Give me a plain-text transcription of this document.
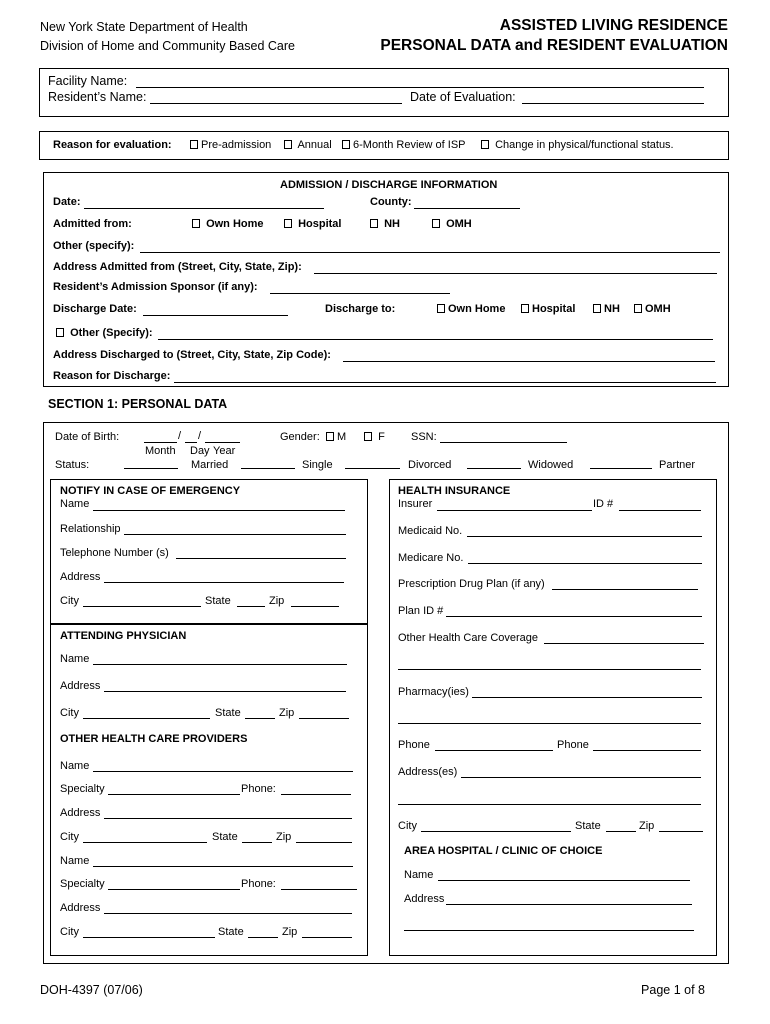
New York State Department of Health
Division of Home and Community Based Care
ASSISTED LIVING RESIDENCE
PERSONAL DATA and RESIDENT EVALUATION
Facility Name:
Resident’s Name:	Date of Evaluation:
Reason for evaluation:	Pre-admission	Annual	6-Month Review of ISP	Change in physical/functional status.
ADMISSION / DISCHARGE INFORMATION
Date:	County:
Admitted from:	Own Home	Hospital	NH	OMH
Other (specify):
Address Admitted from (Street, City, State, Zip):
Resident’s Admission Sponsor (if any):
Discharge Date:	Discharge to:	Own Home	Hospital	NH	OMH
Other (Specify):
Address Discharged to (Street, City, State, Zip Code):
Reason for Discharge:
SECTION 1: PERSONAL DATA
Date of Birth:	/ /	Gender:	M	F SSN:
Month Day Year
Status:	Married	Single	Divorced	Widowed	Partner
NOTIFY IN CASE OF EMERGENCY
Name
Relationship
Telephone Number (s)
Address
City	State	Zip
ATTENDING PHYSICIAN
Name
Address
City	State	Zip
OTHER HEALTH CARE PROVIDERS
Name
Specialty	Phone:
Address
City	State	Zip
Name
Specialty	Phone:
Address
City	State	Zip
HEALTH INSURANCE
Insurer	ID #
Medicaid No.
Medicare No.
Prescription Drug Plan (if any)
Plan ID #
Other Health Care Coverage
Pharmacy(ies)
Phone	Phone
Address(es)
City	State	Zip
AREA HOSPITAL / CLINIC OF CHOICE
Name
Address
DOH-4397 (07/06)	Page 1 of 8
